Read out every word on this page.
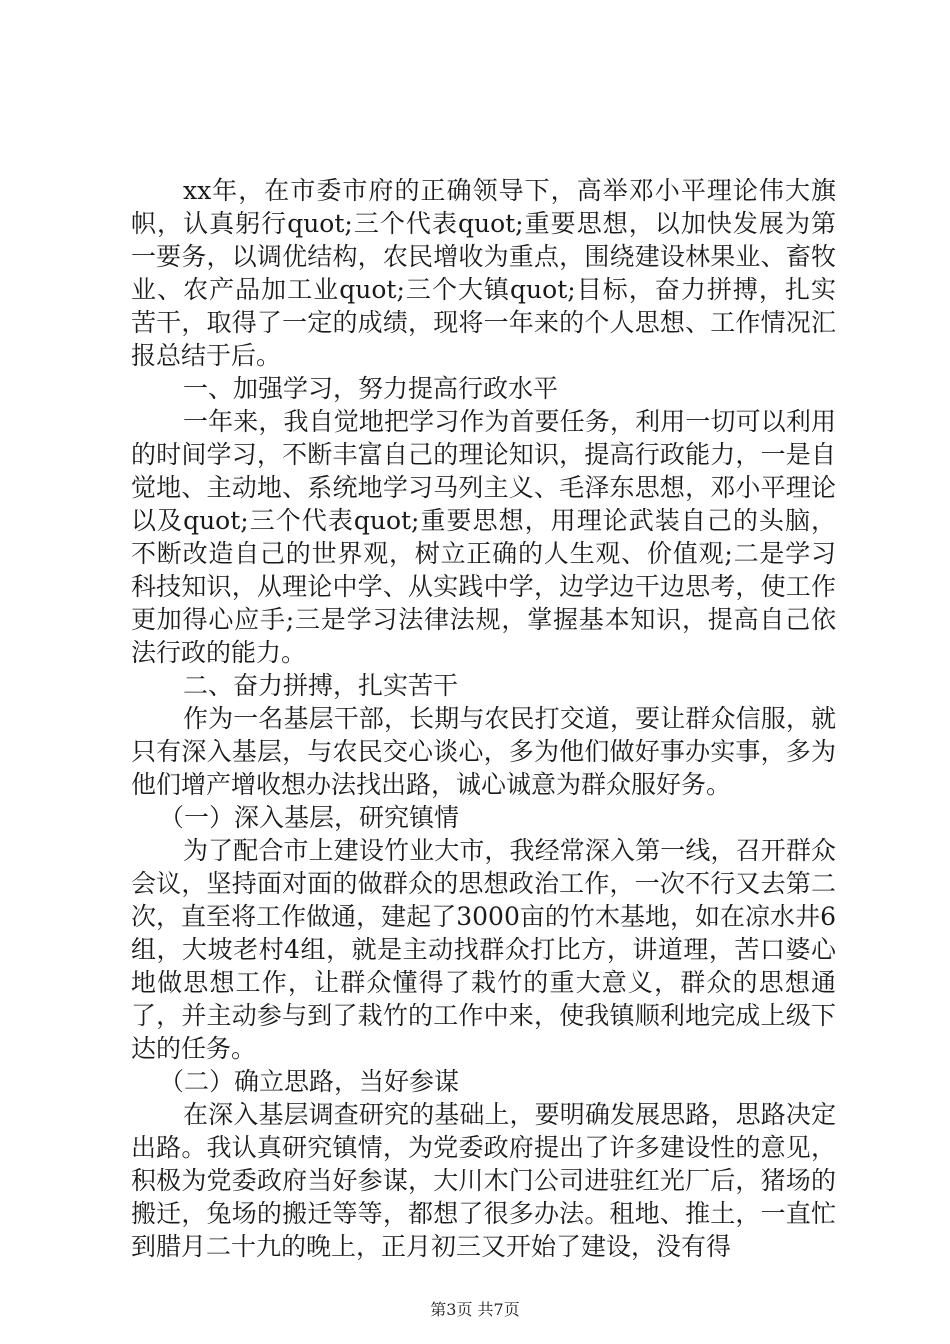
xx年，在市委市府的正确领导下，高举邓小平理论伟大旗帜，认真躬行quot;三个代表quot;重要思想，以加快发展为第一要务，以调优结构，农民增收为重点，围绕建设林果业、畜牧业、农产品加工业quot;三个大镇quot;目标，奋力拼搏，扎实苦干，取得了一定的成绩，现将一年来的个人思想、工作情况汇报总结于后。

一、加强学习，努力提高行政水平

一年来，我自觉地把学习作为首要任务，利用一切可以利用的时间学习，不断丰富自己的理论知识，提高行政能力，一是自觉地、主动地、系统地学习马列主义、毛泽东思想，邓小平理论以及quot;三个代表quot;重要思想，用理论武装自己的头脑，不断改造自己的世界观，树立正确的人生观、价值观;二是学习科技知识，从理论中学、从实践中学，边学边干边思考，使工作更加得心应手;三是学习法律法规，掌握基本知识，提高自己依法行政的能力。

二、奋力拼搏，扎实苦干

作为一名基层干部，长期与农民打交道，要让群众信服，就只有深入基层，与农民交心谈心，多为他们做好事办实事，多为他们增产增收想办法找出路，诚心诚意为群众服好务。

（一）深入基层，研究镇情

为了配合市上建设竹业大市，我经常深入第一线，召开群众会议，坚持面对面的做群众的思想政治工作，一次不行又去第二次，直至将工作做通，建起了3000亩的竹木基地，如在凉水井6组，大坡老村4组，就是主动找群众打比方，讲道理，苦口婆心地做思想工作，让群众懂得了栽竹的重大意义，群众的思想通了，并主动参与到了栽竹的工作中来，使我镇顺利地完成上级下达的任务。

（二）确立思路，当好参谋

在深入基层调查研究的基础上，要明确发展思路，思路决定出路。我认真研究镇情，为党委政府提出了许多建设性的意见，积极为党委政府当好参谋，大川木门公司进驻红光厂后，猪场的搬迁，兔场的搬迁等等，都想了很多办法。租地、推土，一直忙到腊月二十九的晚上，正月初三又开始了建设，没有得

第3页 共7页
